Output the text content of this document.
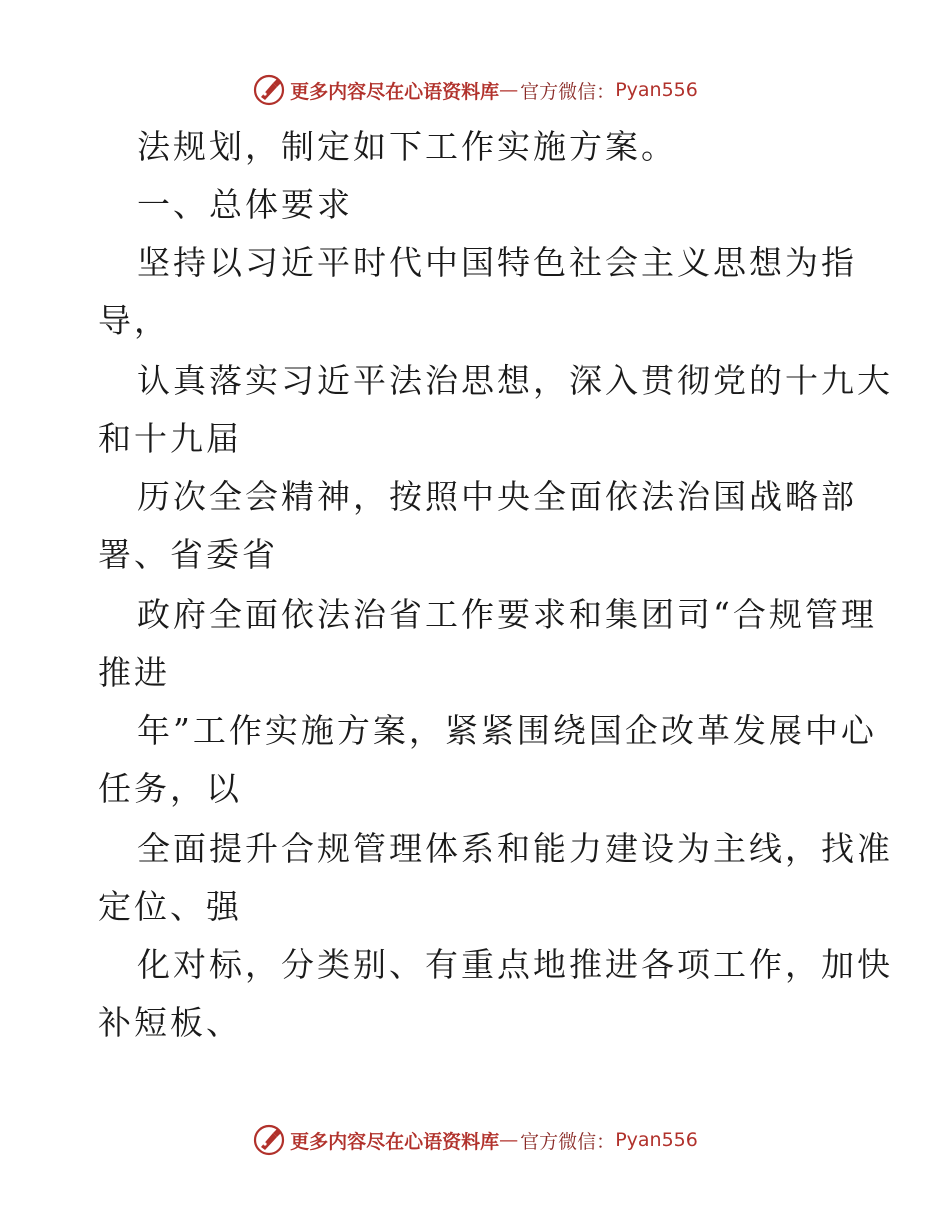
更多内容尽在心语资料库 — 官方微信： Pyan556
法规划，制定如下工作实施方案。
一、总体要求
坚持以习近平时代中国特色社会主义思想为指
导，
认真落实习近平法治思想，深入贯彻党的十九大
和十九届
历次全会精神，按照中央全面依法治国战略部
署、省委省
政府全面依法治省工作要求和集团司“合规管理
推进
年”工作实施方案，紧紧围绕国企改革发展中心
任务，以
全面提升合规管理体系和能力建设为主线，找准
定位、强
化对标，分类别、有重点地推进各项工作，加快
补短板、
更多内容尽在心语资料库 — 官方微信： Pyan556
